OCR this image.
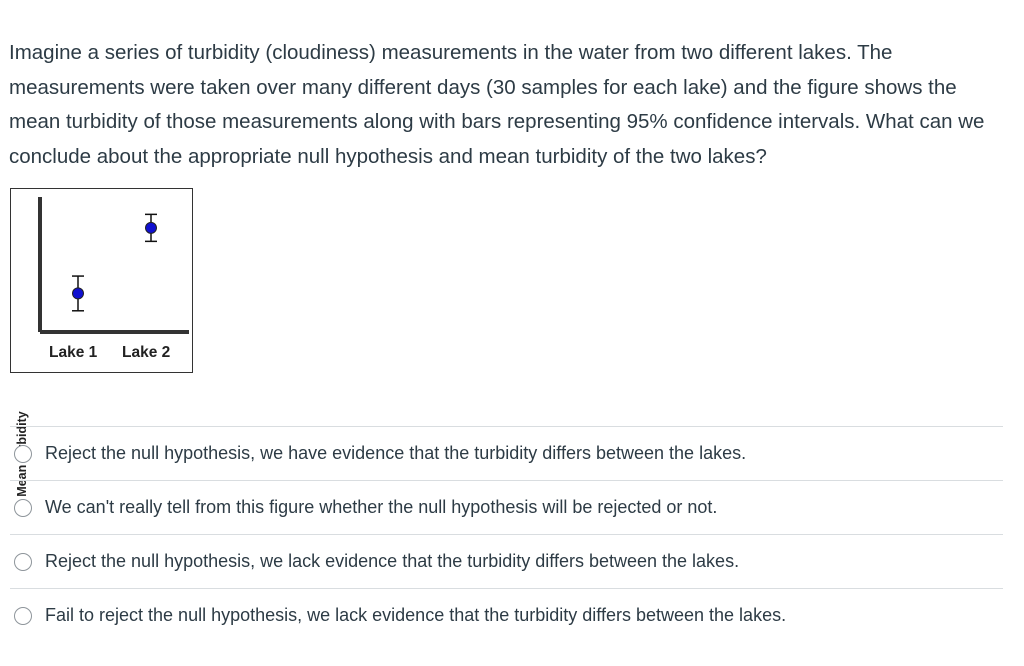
Imagine a series of turbidity (cloudiness) measurements in the water from two different lakes. The measurements were taken over many different days (30 samples for each lake) and the figure shows the mean turbidity of those measurements along with bars representing 95% confidence intervals. What can we conclude about the appropriate null hypothesis and mean turbidity of the two lakes?

Lake 1 Lake 2
Reject the null hypothesis, we have evidence that the turbidity differs between the lakes.
We can't really tell from this figure whether the null hypothesis will be rejected or not.
Reject the null hypothesis, we lack evidence that the turbidity differs between the lakes.
Fail to reject the null hypothesis, we lack evidence that the turbidity differs between the lakes.
